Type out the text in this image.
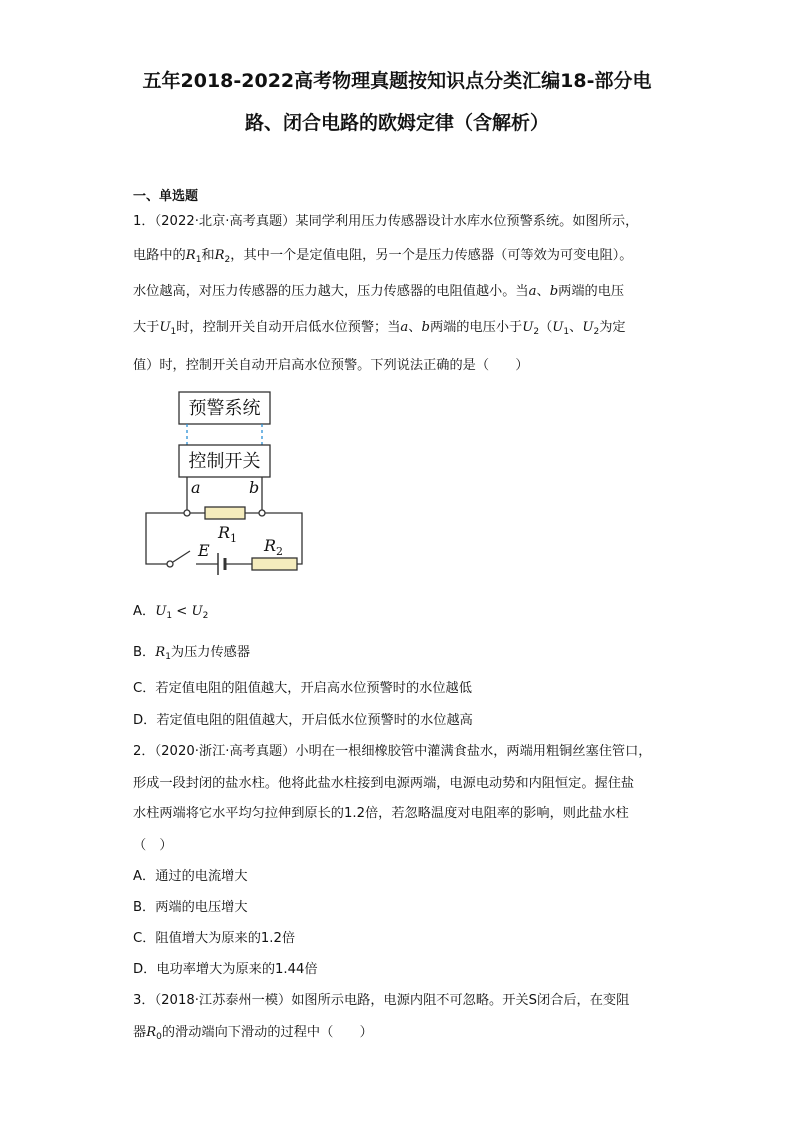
五年2018-2022高考物理真题按知识点分类汇编18-部分电
路、闭合电路的欧姆定律（含解析）
一、单选题
1．（2022·北京·高考真题）某同学利用压力传感器设计水库水位预警系统。如图所示，
电路中的$R_1$和$R_2$，其中一个是定值电阻，另一个是压力传感器（可等效为可变电阻）。
水位越高，对压力传感器的压力越大，压力传感器的电阻值越小。当a、b两端的电压
大于$U_1$时，控制开关自动开启低水位预警；当a、b两端的电压小于$U_2(U_1$、$U_2$为定
值）时，控制开关自动开启高水位预警。下列说法正确的是（　　）
预警系统
控制开关
a	b
$R_1$
E	$R_2$
A．$U_1 < U_2$
B．$R_1$为压力传感器
C．若定值电阻的阻值越大，开启高水位预警时的水位越低
D．若定值电阻的阻值越大，开启低水位预警时的水位越高
2．（2020·浙江·高考真题）小明在一根细橡胶管中灌满食盐水，两端用粗铜丝塞住管口，
形成一段封闭的盐水柱。他将此盐水柱接到电源两端，电源电动势和内阻恒定。握住盐
水柱两端将它水平均匀拉伸到原长的1.2倍，若忽略温度对电阻率的影响，则此盐水柱
（　）
A．通过的电流增大
B．两端的电压增大
C．阻值增大为原来的1.2倍
D．电功率增大为原来的1.44倍
3．（2018·江苏泰州一模）如图所示电路，电源内阻不可忽略。开关S闭合后，在变阻
器$R_0$的滑动端向下滑动的过程中（　　）
